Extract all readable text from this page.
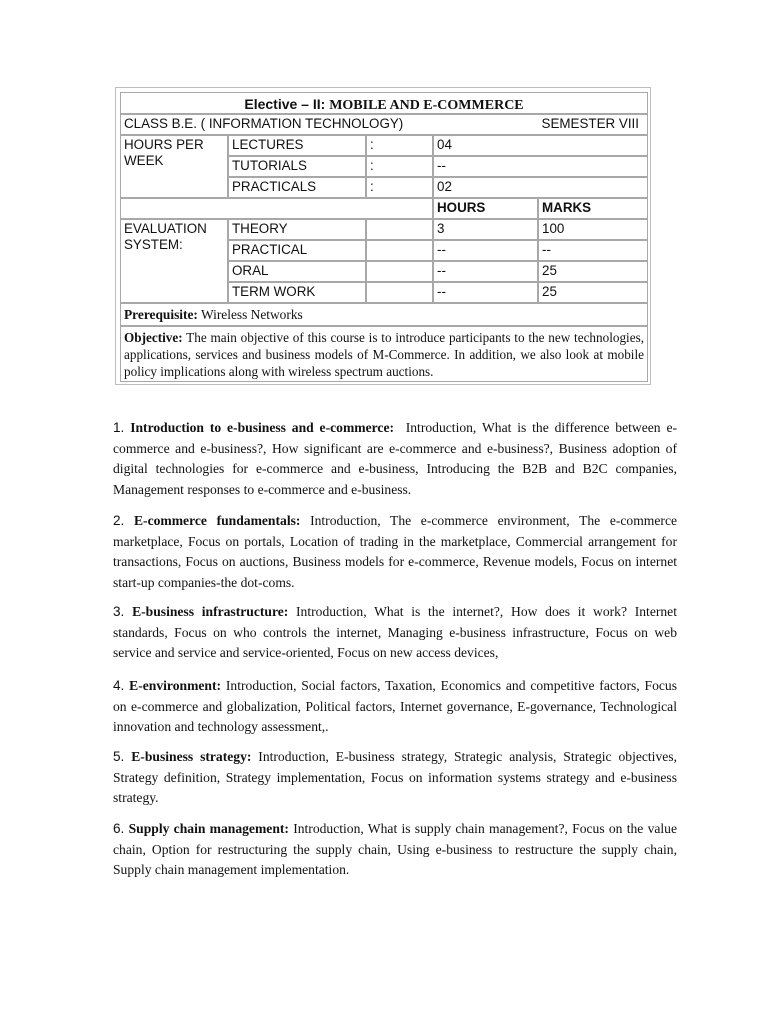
Elective – II: MOBILE AND E-COMMERCE
CLASS B.E. ( INFORMATION TECHNOLOGY)	SEMESTER VIII
HOURS PER WEEK
LECTURES	:	04
TUTORIALS	:	--
PRACTICALS	:	02
HOURS	MARKS
EVALUATION SYSTEM:
THEORY	3	100
PRACTICAL	--	--
ORAL	--	25
TERM WORK	--	25
Prerequisite: Wireless Networks
Objective: The main objective of this course is to introduce participants to the new technologies, applications, services and business models of M-Commerce. In addition, we also look at mobile policy implications along with wireless spectrum auctions.
1. Introduction to e-business and e-commerce: Introduction, What is the difference between e-commerce and e-business?, How significant are e-commerce and e-business?, Business adoption of digital technologies for e-commerce and e-business, Introducing the B2B and B2C companies, Management responses to e-commerce and e-business.
2. E-commerce fundamentals: Introduction, The e-commerce environment, The e-commerce marketplace, Focus on portals, Location of trading in the marketplace, Commercial arrangement for transactions, Focus on auctions, Business models for e-commerce, Revenue models, Focus on internet start-up companies-the dot-coms.
3. E-business infrastructure: Introduction, What is the internet?, How does it work? Internet standards, Focus on who controls the internet, Managing e-business infrastructure, Focus on web service and service and service-oriented, Focus on new access devices,
4. E-environment: Introduction, Social factors, Taxation, Economics and competitive factors, Focus on e-commerce and globalization, Political factors, Internet governance, E-governance, Technological innovation and technology assessment,.
5. E-business strategy: Introduction, E-business strategy, Strategic analysis, Strategic objectives, Strategy definition, Strategy implementation, Focus on information systems strategy and e-business strategy.
6. Supply chain management: Introduction, What is supply chain management?, Focus on the value chain, Option for restructuring the supply chain, Using e-business to restructure the supply chain, Supply chain management implementation.
